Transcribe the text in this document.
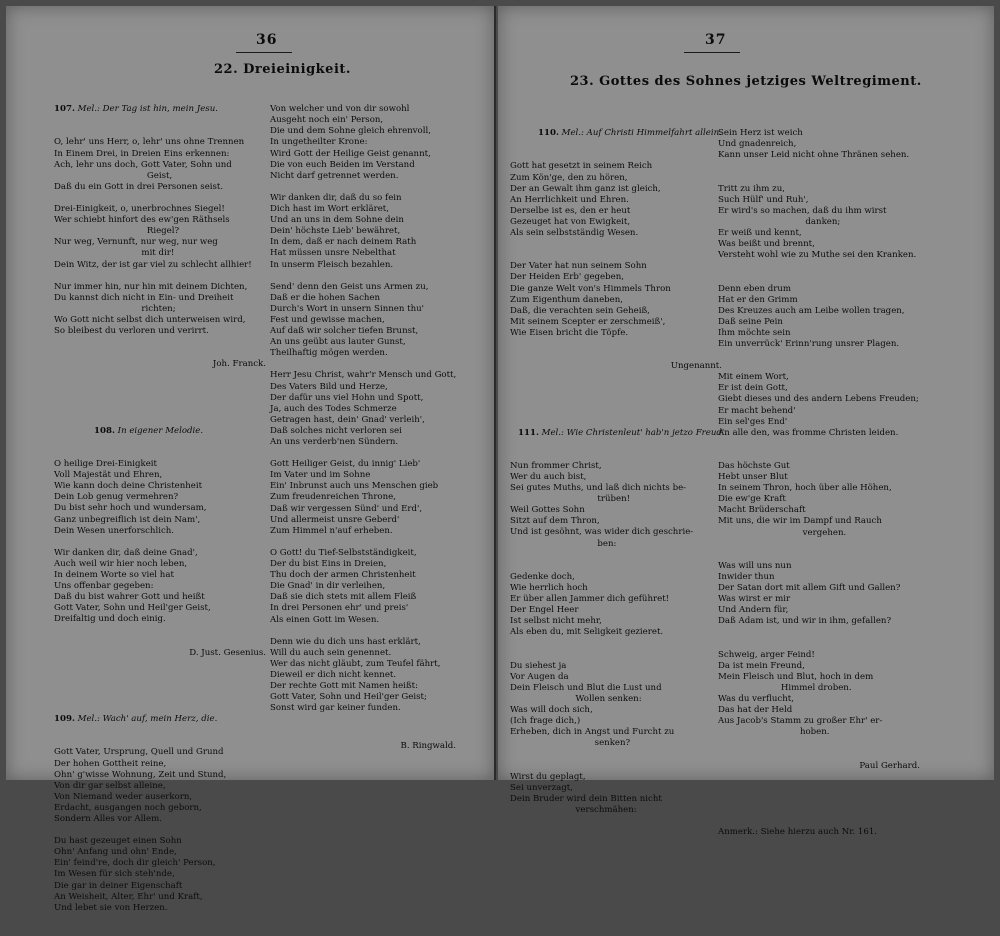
36
22. Dreieinigkeit.

107. Mel.: Der Tag ist hin, mein Jesu.

O, lehr' uns Herr, o, lehr' uns ohne Trennen
In Einem Drei, in Dreien Eins erkennen:
Ach, lehr uns doch, Gott Vater, Sohn und
Geist,
Daß du ein Gott in drei Personen seist.

Drei-Einigkeit, o, unerbrochnes Siegel!
Wer schiebt hinfort des ew'gen Räthsels
Riegel?
Nur weg, Vernunft, nur weg, nur weg
mit dir!
Dein Witz, der ist gar viel zu schlecht allhier!

Nur immer hin, nur hin mit deinem Dichten,
Du kannst dich nicht in Ein- und Dreiheit
richten;
Wo Gott nicht selbst dich unterweisen wird,
So bleibest du verloren und verirrt.

Joh. Franck.

108. In eigener Melodie.

O heilige Drei-Einigkeit
Voll Majestät und Ehren,
Wie kann doch deine Christenheit
Dein Lob genug vermehren?
Du bist sehr hoch und wundersam,
Ganz unbegreiflich ist dein Nam',
Dein Wesen unerforschlich.

Wir danken dir, daß deine Gnad',
Auch weil wir hier noch leben,
In deinem Worte so viel hat
Uns offenbar gegeben:
Daß du bist wahrer Gott und heißt
Gott Vater, Sohn und Heil'ger Geist,
Dreifaltig und doch einig.

D. Just. Gesenius.

109. Mel.: Wach' auf, mein Herz, die.

Gott Vater, Ursprung, Quell und Grund
Der hohen Gottheit reine,
Ohn' g'wisse Wohnung, Zeit und Stund,
Von dir gar selbst alleine,
Von Niemand weder auserkorn,
Erdacht, ausgangen noch geborn,
Sondern Alles vor Allem.

Du hast gezeuget einen Sohn
Ohn' Anfang und ohn' Ende,
Ein' feind're, doch dir gleich' Person,
Im Wesen für sich steh'nde,
Die gar in deiner Eigenschaft
An Weisheit, Alter, Ehr' und Kraft,
Und lebet sie von Herzen.

Von welcher und von dir sowohl
Ausgeht noch ein' Person,
Die und dem Sohne gleich ehrenvoll,
In ungetheilter Krone:
Wird Gott der Heilige Geist genannt,
Die von euch Beiden im Verstand
Nicht darf getrennet werden.

Wir danken dir, daß du so fein
Dich hast im Wort erkläret,
Und an uns in dem Sohne dein
Dein' höchste Lieb' bewähret,
In dem, daß er nach deinem Rath
Hat müssen unsre Nebelthat
In unserm Fleisch bezahlen.

Send' denn den Geist uns Armen zu,
Daß er die hohen Sachen
Durch's Wort in unsern Sinnen thu'
Fest und gewisse machen,
Auf daß wir solcher tiefen Brunst,
An uns geübt aus lauter Gunst,
Theilhaftig mögen werden.

Herr Jesu Christ, wahr'r Mensch und Gott,
Des Vaters Bild und Herze,
Der dafür uns viel Hohn und Spott,
Ja, auch des Todes Schmerze
Getragen hast, dein' Gnad' verleih',
Daß solches nicht verloren sei
An uns verderb'nen Sündern.

Gott Heiliger Geist, du innig' Lieb'
Im Vater und im Sohne
Ein' Inbrunst auch uns Menschen gieb
Zum freudenreichen Throne,
Daß wir vergessen Sünd' und Erd',
Und allermeist unsre Geberd'
Zum Himmel n'auf erheben.

O Gott! du Tief-Selbstständigkeit,
Der du bist Eins in Dreien,
Thu doch der armen Christenheit
Die Gnad' in dir verleihen,
Daß sie dich stets mit allem Fleiß
In drei Personen ehr' und preis'
Als einen Gott im Wesen.

Denn wie du dich uns hast erklärt,
Will du auch sein genennet.
Wer das nicht gläubt, zum Teufel fährt,
Dieweil er dich nicht kennet.
Der rechte Gott mit Namen heißt:
Gott Vater, Sohn und Heil'ger Geist;
Sonst wird gar keiner funden.

B. Ringwald.

37
23. Gottes des Sohnes jetziges Weltregiment.

110. Mel.: Auf Christi Himmelfahrt allein.

Gott hat gesetzt in seinem Reich
Zum Kön'ge, den zu hören,
Der an Gewalt ihm ganz ist gleich,
An Herrlichkeit und Ehren.
Derselbe ist es, den er heut
Gezeuget hat von Ewigkeit,
Als sein selbstständig Wesen.

Der Vater hat nun seinem Sohn
Der Heiden Erb' gegeben,
Die ganze Welt von's Himmels Thron
Zum Eigenthum daneben,
Daß, die verachten sein Geheiß,
Mit seinem Scepter er zerschmeiß',
Wie Eisen bricht die Töpfe.

Ungenannt.

111. Mel.: Wie Christenleut' hab'n jetzo Freud'.

Nun frommer Christ,
Wer du auch bist,
Sei gutes Muths, und laß dich nichts be-
trüben!
Weil Gottes Sohn
Sitzt auf dem Thron,
Und ist gesöhnt, was wider dich geschrie-
ben:

Gedenke doch,
Wie herrlich hoch
Er über allen Jammer dich geführet!
Der Engel Heer
Ist selbst nicht mehr,
Als eben du, mit Seligkeit gezieret.

Du siehest ja
Vor Augen da
Dein Fleisch und Blut die Lust und
Wollen senken:
Was will doch sich,
(Ich frage dich,)
Erheben, dich in Angst und Furcht zu
senken?

Wirst du geplagt,
Sei unverzagt,
Dein Bruder wird dein Bitten nicht
verschmähen:

Sein Herz ist weich
Und gnadenreich,
Kann unser Leid nicht ohne Thränen sehen.

Tritt zu ihm zu,
Such Hülf' und Ruh',
Er wird's so machen, daß du ihm wirst
danken;
Er weiß und kennt,
Was beißt und brennt,
Versteht wohl wie zu Muthe sei den Kranken.

Denn eben drum
Hat er den Grimm
Des Kreuzes auch am Leibe wollen tragen,
Daß seine Pein
Ihm möchte sein
Ein unverrück' Erinn'rung unsrer Plagen.

Mit einem Wort,
Er ist dein Gott,
Giebt dieses und des andern Lebens Freuden;
Er macht behend'
Ein sel'ges End'
An alle den, was fromme Christen leiden.

Das höchste Gut
Hebt unser Blut
In seinem Thron, hoch über alle Höhen,
Die ew'ge Kraft
Macht Brüderschaft
Mit uns, die wir im Dampf und Rauch
vergehen.

Was will uns nun
Inwider thun
Der Satan dort mit allem Gift und Gallen?
Was wirst er mir
Und Andern für,
Daß Adam ist, und wir in ihm, gefallen?

Schweig, arger Feind!
Da ist mein Freund,
Mein Fleisch und Blut, hoch in dem
Himmel droben.
Was du verflucht,
Das hat der Held
Aus Jacob's Stamm zu großer Ehr' er-
hoben.

Paul Gerhard.

Anmerk.: Siehe hierzu auch Nr. 161.
